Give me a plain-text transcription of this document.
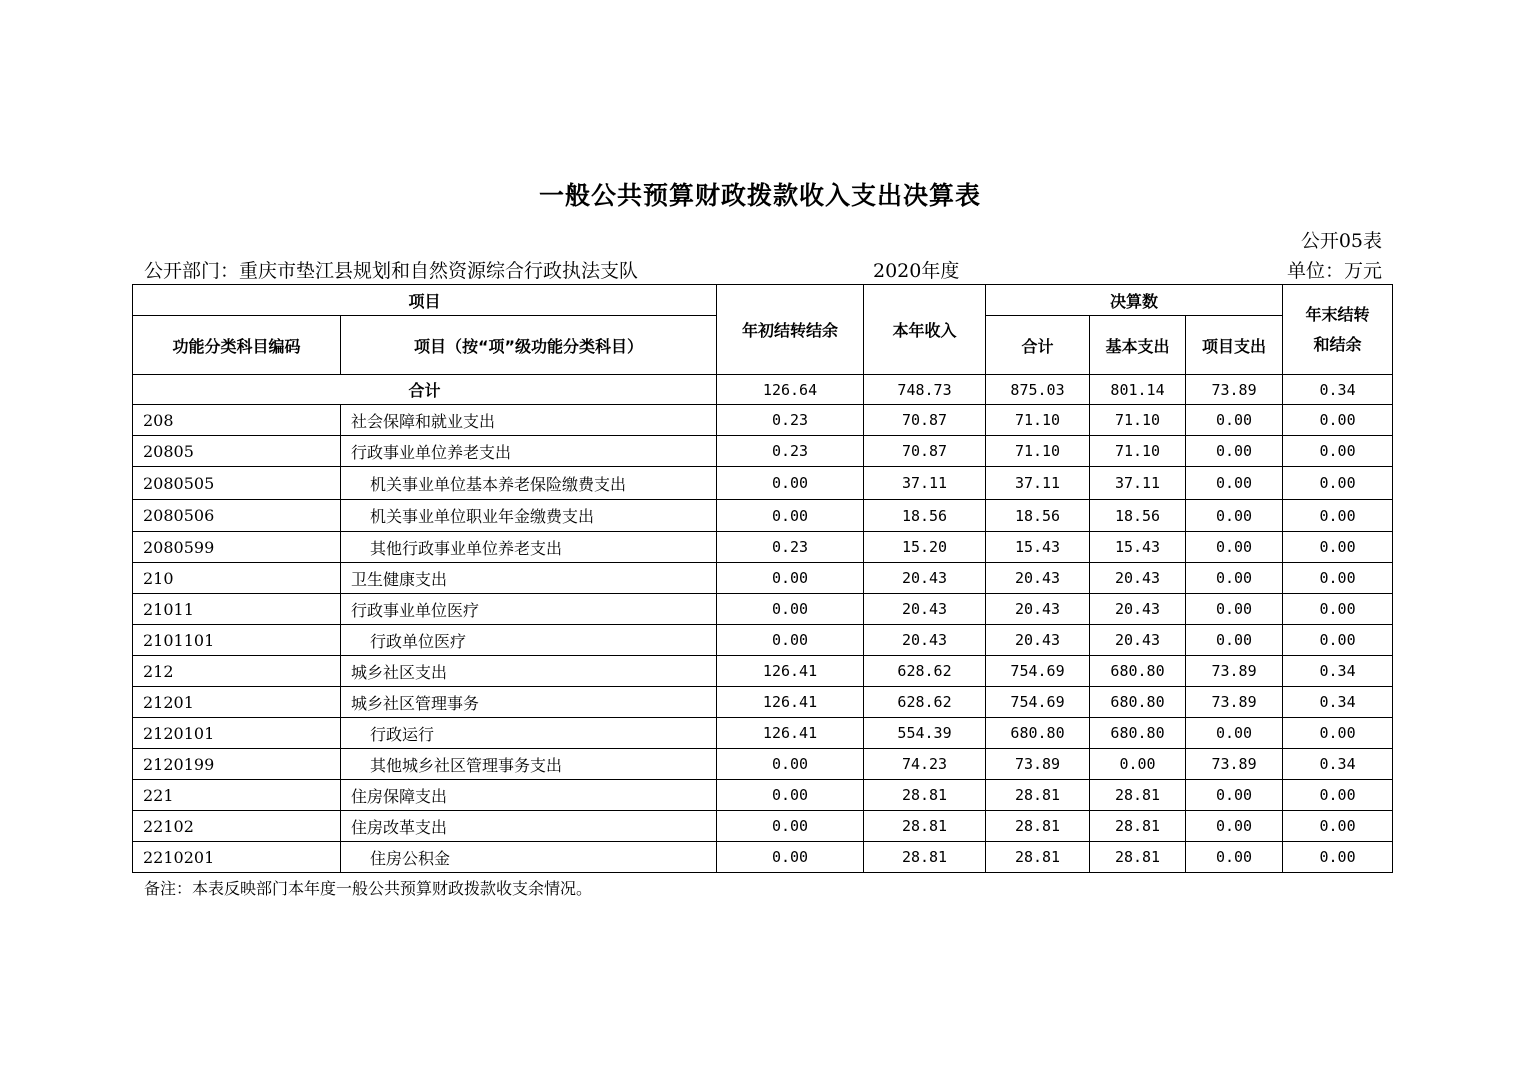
一般公共预算财政拨款收入支出决算表
公开05表
公开部门：重庆市垫江县规划和自然资源综合行政执法支队	2020年度	单位：万元
项目		年初结转结余	本年收入	决算数			年末结转
和结余

功能分类科目编码	项目（按“项”级功能分类科目）			合计	基本支出	项目支出	
合计		126.64	748.73	875.03	801.14	73.89	0.34
208	社会保障和就业支出	0.23	70.87	71.10	71.10	0.00	0.00
20805	行政事业单位养老支出	0.23	70.87	71.10	71.10	0.00	0.00
2080505	机关事业单位基本养老保险缴费支出	0.00	37.11	37.11	37.11	0.00	0.00
2080506	机关事业单位职业年金缴费支出	0.00	18.56	18.56	18.56	0.00	0.00
2080599	其他行政事业单位养老支出	0.23	15.20	15.43	15.43	0.00	0.00
210	卫生健康支出	0.00	20.43	20.43	20.43	0.00	0.00
21011	行政事业单位医疗	0.00	20.43	20.43	20.43	0.00	0.00
2101101	行政单位医疗	0.00	20.43	20.43	20.43	0.00	0.00
212	城乡社区支出	126.41	628.62	754.69	680.80	73.89	0.34
21201	城乡社区管理事务	126.41	628.62	754.69	680.80	73.89	0.34
2120101	行政运行	126.41	554.39	680.80	680.80	0.00	0.00
2120199	其他城乡社区管理事务支出	0.00	74.23	73.89	0.00	73.89	0.34
221	住房保障支出	0.00	28.81	28.81	28.81	0.00	0.00
22102	住房改革支出	0.00	28.81	28.81	28.81	0.00	0.00
2210201	住房公积金	0.00	28.81	28.81	28.81	0.00	0.00
备注：本表反映部门本年度一般公共预算财政拨款收支余情况。
